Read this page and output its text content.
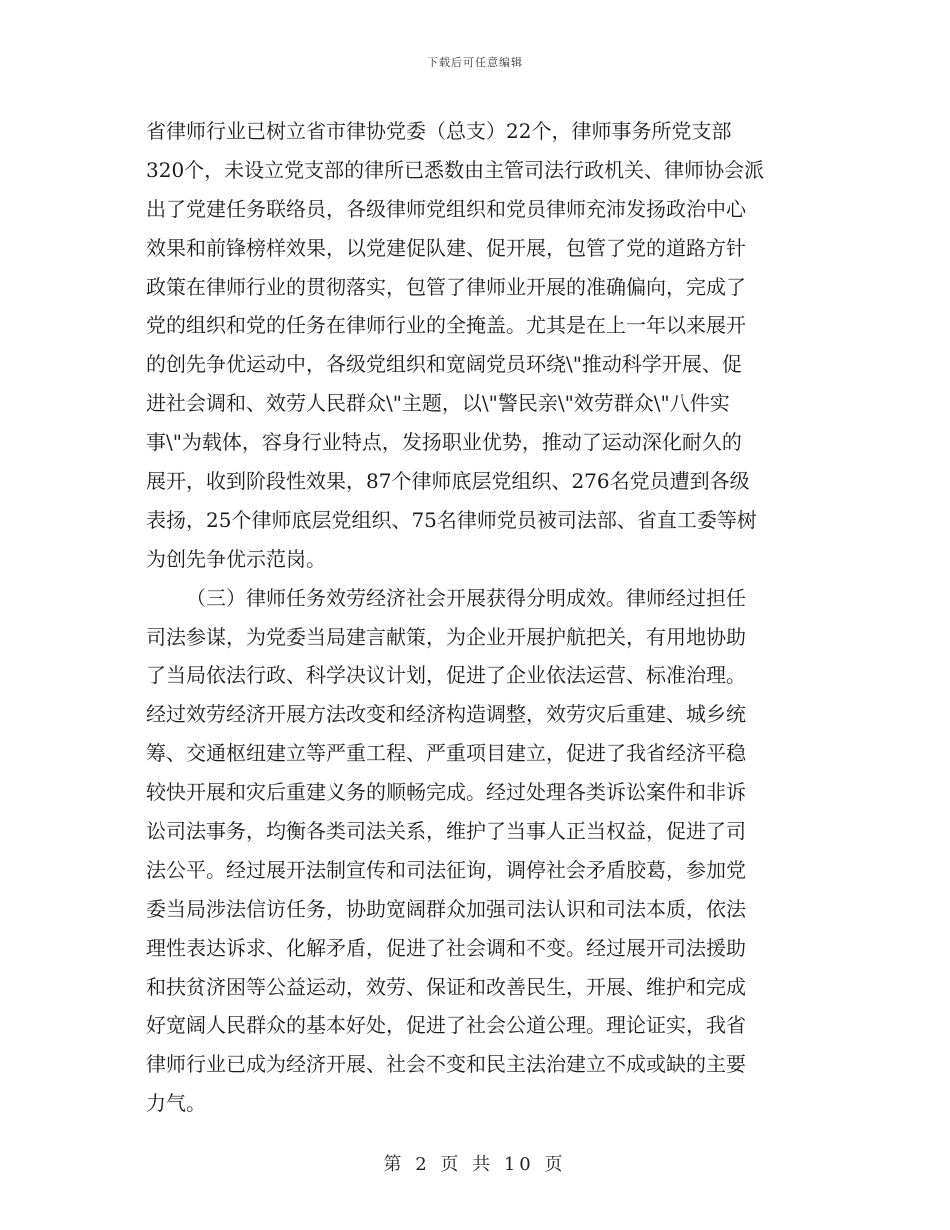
下载后可任意编辑
省律师行业已树立省市律协党委（总支）22个，律师事务所党支部
320个，未设立党支部的律所已悉数由主管司法行政机关、律师协会派
出了党建任务联络员，各级律师党组织和党员律师充沛发扬政治中心
效果和前锋榜样效果，以党建促队建、促开展，包管了党的道路方针
政策在律师行业的贯彻落实，包管了律师业开展的准确偏向，完成了
党的组织和党的任务在律师行业的全掩盖。尤其是在上一年以来展开
的创先争优运动中，各级党组织和宽阔党员环绕\"推动科学开展、促
进社会调和、效劳人民群众\"主题，以\"警民亲\"效劳群众\"八件实
事\"为载体，容身行业特点，发扬职业优势，推动了运动深化耐久的
展开，收到阶段性效果，87个律师底层党组织、276名党员遭到各级
表扬，25个律师底层党组织、75名律师党员被司法部、省直工委等树
为创先争优示范岗。
（三）律师任务效劳经济社会开展获得分明成效。律师经过担任
司法参谋，为党委当局建言献策，为企业开展护航把关，有用地协助
了当局依法行政、科学决议计划，促进了企业依法运营、标准治理。
经过效劳经济开展方法改变和经济构造调整，效劳灾后重建、城乡统
筹、交通枢纽建立等严重工程、严重项目建立，促进了我省经济平稳
较快开展和灾后重建义务的顺畅完成。经过处理各类诉讼案件和非诉
讼司法事务，均衡各类司法关系，维护了当事人正当权益，促进了司
法公平。经过展开法制宣传和司法征询，调停社会矛盾胶葛，参加党
委当局涉法信访任务，协助宽阔群众加强司法认识和司法本质，依法
理性表达诉求、化解矛盾，促进了社会调和不变。经过展开司法援助
和扶贫济困等公益运动，效劳、保证和改善民生，开展、维护和完成
好宽阔人民群众的基本好处，促进了社会公道公理。理论证实，我省
律师行业已成为经济开展、社会不变和民主法治建立不成或缺的主要
力气。
第 2 页 共 10 页
